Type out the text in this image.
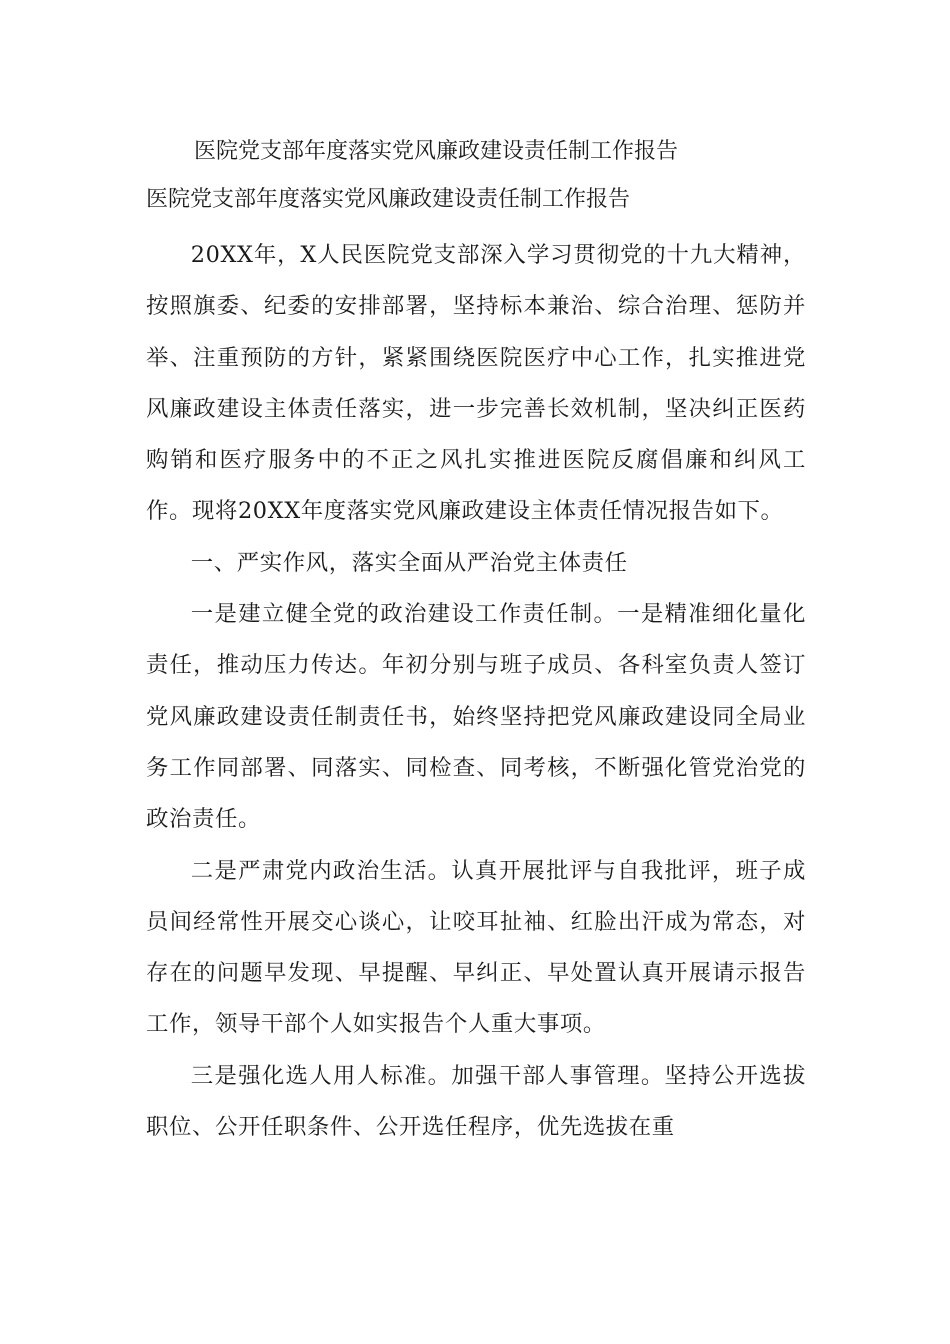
医院党支部年度落实党风廉政建设责任制工作报告
医院党支部年度落实党风廉政建设责任制工作报告

20XX年，X人民医院党支部深入学习贯彻党的十九大精神，按照旗委、纪委的安排部署，坚持标本兼治、综合治理、惩防并举、注重预防的方针，紧紧围绕医院医疗中心工作，扎实推进党风廉政建设主体责任落实，进一步完善长效机制，坚决纠正医药购销和医疗服务中的不正之风扎实推进医院反腐倡廉和纠风工作。现将20XX年度落实党风廉政建设主体责任情况报告如下。

一、严实作风，落实全面从严治党主体责任

一是建立健全党的政治建设工作责任制。一是精准细化量化责任，推动压力传达。年初分别与班子成员、各科室负责人签订党风廉政建设责任制责任书，始终坚持把党风廉政建设同全局业务工作同部署、同落实、同检查、同考核，不断强化管党治党的政治责任。

二是严肃党内政治生活。认真开展批评与自我批评，班子成员间经常性开展交心谈心，让咬耳扯袖、红脸出汗成为常态，对存在的问题早发现、早提醒、早纠正、早处置认真开展请示报告工作，领导干部个人如实报告个人重大事项。

三是强化选人用人标准。加强干部人事管理。坚持公开选拔职位、公开任职条件、公开选任程序，优先选拔在重
